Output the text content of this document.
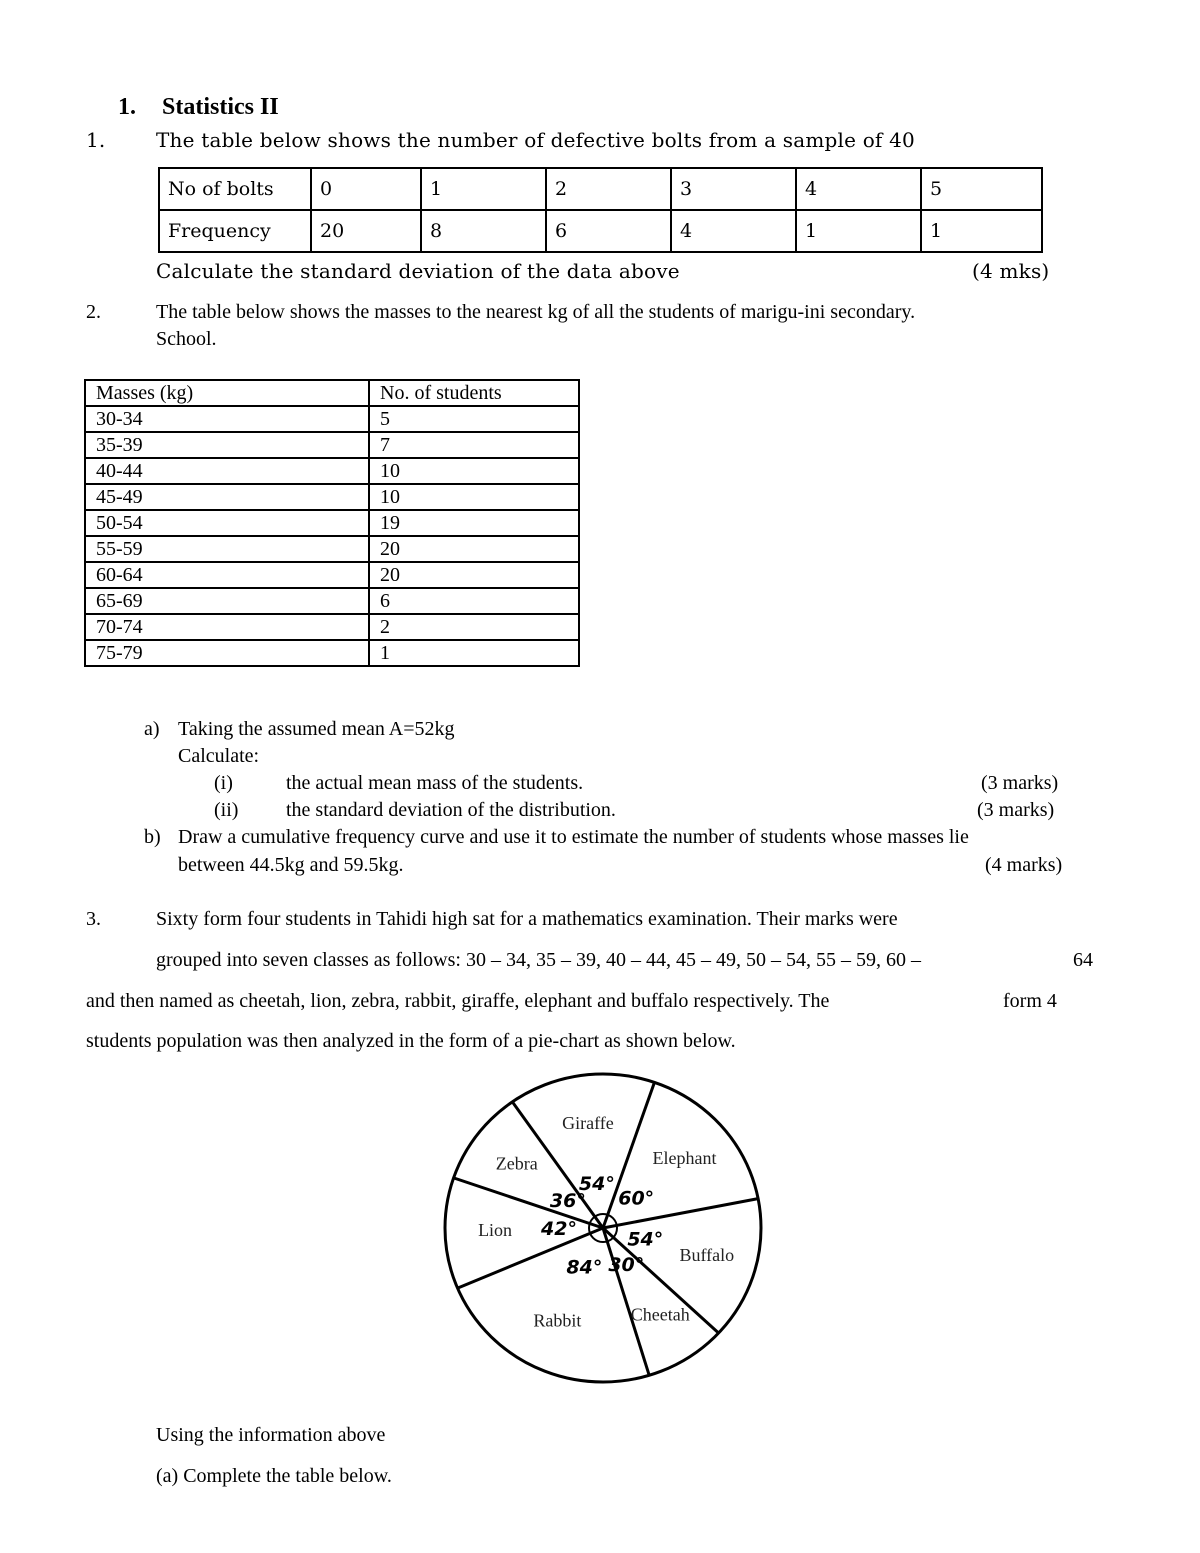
1. Statistics II
1.	The table below shows the number of defective bolts from a sample of 40
No of bolts	0	1	2	3	4	5
Frequency	20	8	6	4	1	1
Calculate the standard deviation of the data above	(4 mks)
2.	The table below shows the masses to the nearest kg of all the students of marigu-ini secondary.
School.
Masses (kg)	No. of students
30-34	5
35-39	7
40-44	10
45-49	10
50-54	19
55-59	20
60-64	20
65-69	6
70-74	2
75-79	1
a) Taking the assumed mean A=52kg
Calculate:
(i)	the actual mean mass of the students.	(3 marks)
(ii) the standard deviation of the distribution.	(3 marks)
b) Draw a cumulative frequency curve and use it to estimate the number of students whose masses lie
between 44.5kg and 59.5kg.	(4 marks)
3.	Sixty form four students in Tahidi high sat for a mathematics examination. Their marks were
grouped into seven classes as follows: 30 – 34, 35 – 39, 40 – 44, 45 – 49, 50 – 54, 55 – 59, 60 –	64
and then named as cheetah, lion, zebra, rabbit, giraffe, elephant and buffalo respectively. The	form 4
students population was then analyzed in the form of a pie-chart as shown below.
Buffalo
54°
Cheetah
30°
Rabbit
84°
Lion 42°
Zebra
36°
Giraffe
54°
Elephant
60°
Using the information above
(a) Complete the table below.
